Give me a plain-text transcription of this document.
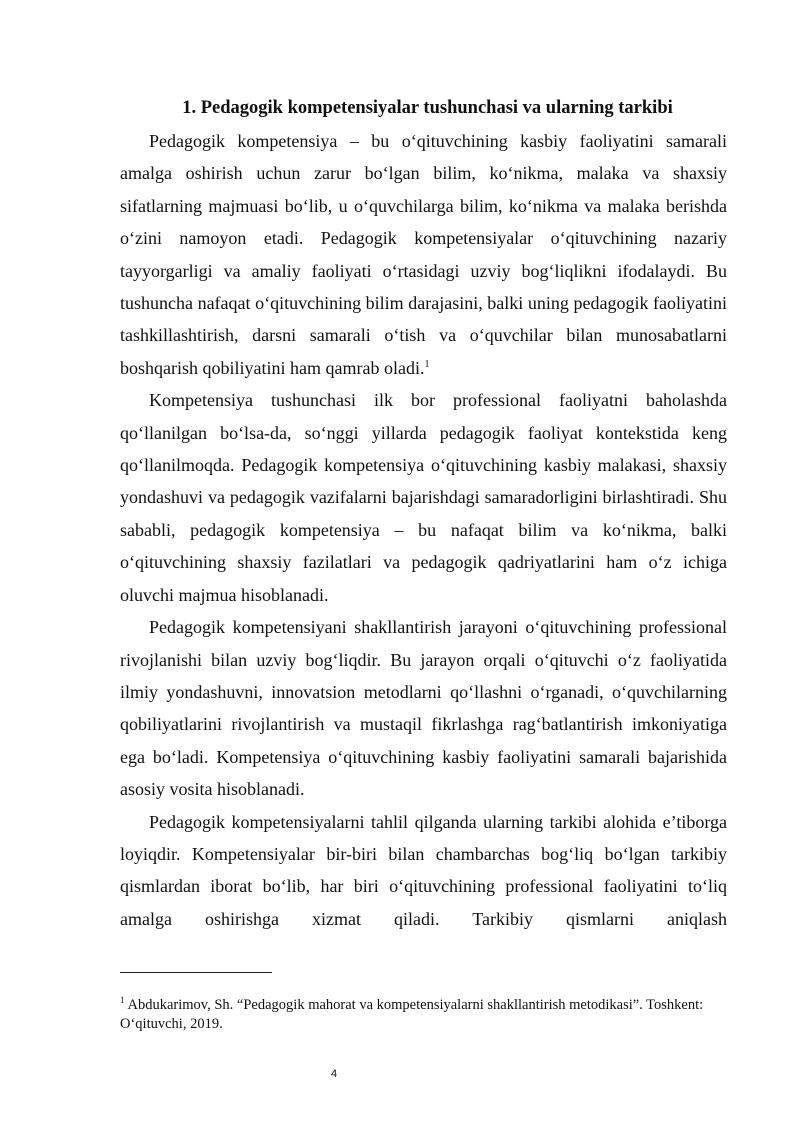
1. Pedagogik kompetensiyalar tushunchasi va ularning tarkibi

Pedagogik kompetensiya – bu o‘qituvchining kasbiy faoliyatini samarali amalga oshirish uchun zarur bo‘lgan bilim, ko‘nikma, malaka va shaxsiy sifatlarning majmuasi bo‘lib, u o‘quvchilarga bilim, ko‘nikma va malaka berishda o‘zini namoyon etadi. Pedagogik kompetensiyalar o‘qituvchining nazariy tayyorgarligi va amaliy faoliyati o‘rtasidagi uzviy bog‘liqlikni ifodalaydi. Bu tushuncha nafaqat o‘qituvchining bilim darajasini, balki uning pedagogik faoliyatini tashkillashtirish, darsni samarali o‘tish va o‘quvchilar bilan munosabatlarni boshqarish qobiliyatini ham qamrab oladi.$^1$

Kompetensiya tushunchasi ilk bor professional faoliyatni baholashda qo‘llanilgan bo‘lsa-da, so‘nggi yillarda pedagogik faoliyat kontekstida keng qo‘llanilmoqda. Pedagogik kompetensiya o‘qituvchining kasbiy malakasi, shaxsiy yondashuvi va pedagogik vazifalarni bajarishdagi samaradorligini birlashtiradi. Shu sababli, pedagogik kompetensiya – bu nafaqat bilim va ko‘nikma, balki o‘qituvchining shaxsiy fazilatlari va pedagogik qadriyatlarini ham o‘z ichiga oluvchi majmua hisoblanadi.

Pedagogik kompetensiyani shakllantirish jarayoni o‘qituvchining professional rivojlanishi bilan uzviy bog‘liqdir. Bu jarayon orqali o‘qituvchi o‘z faoliyatida ilmiy yondashuvni, innovatsion metodlarni qo‘llashni o‘rganadi, o‘quvchilarning qobiliyatlarini rivojlantirish va mustaqil fikrlashga rag‘batlantirish imkoniyatiga ega bo‘ladi. Kompetensiya o‘qituvchining kasbiy faoliyatini samarali bajarishida asosiy vosita hisoblanadi.

Pedagogik kompetensiyalarni tahlil qilganda ularning tarkibi alohida e’tiborga loyiqdir. Kompetensiyalar bir-biri bilan chambarchas bog‘liq bo‘lgan tarkibiy qismlardan iborat bo‘lib, har biri o‘qituvchining professional faoliyatini to‘liq amalga oshirishga xizmat qiladi. Tarkibiy qismlarni aniqlash

$^1$ Abdukarimov, Sh. “Pedagogik mahorat va kompetensiyalarni shakllantirish metodikasi”. Toshkent: O‘qituvchi, 2019.
4
